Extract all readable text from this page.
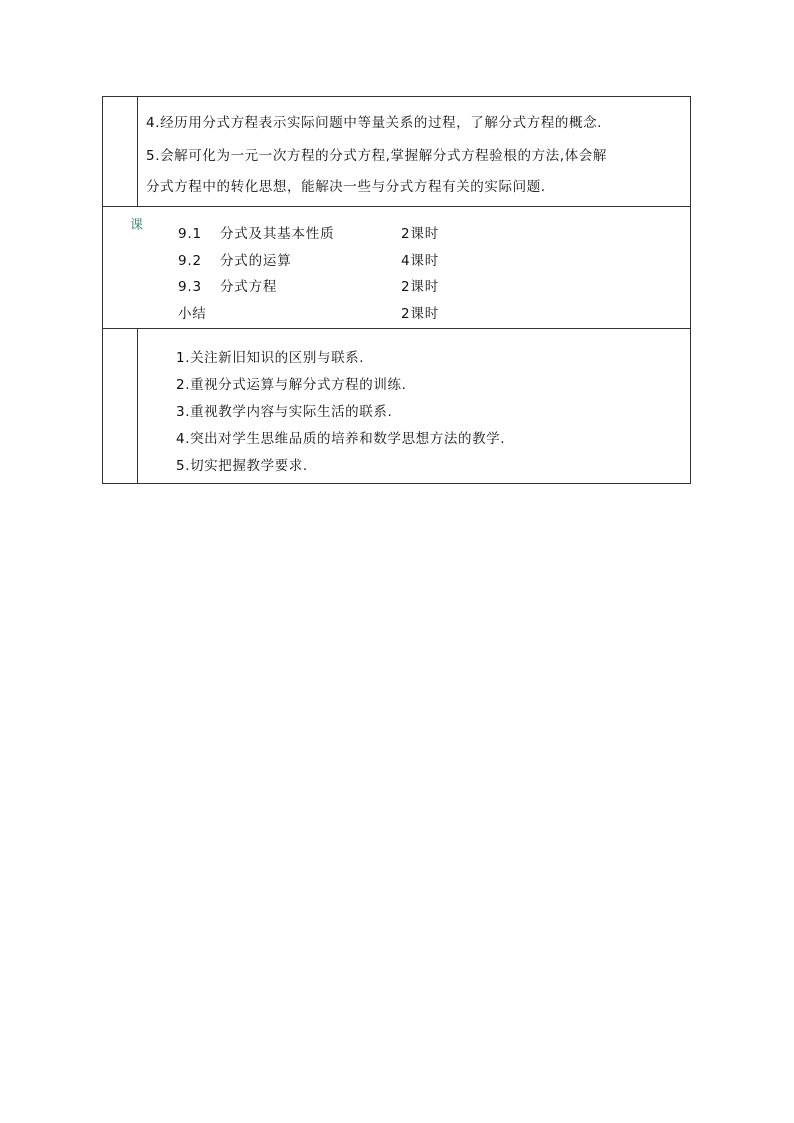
4.经历用分式方程表示实际问题中等量关系的过程，了解分式方程的概念.
5.会解可化为一元一次方程的分式方程,掌握解分式方程验根的方法,体会解
分式方程中的转化思想，能解决一些与分式方程有关的实际问题.
课
9.1 分式及其基本性质	2课时
9.2 分式的运算	4课时
9.3 分式方程	2课时
小结	2课时
1.关注新旧知识的区别与联系.
2.重视分式运算与解分式方程的训练.
3.重视教学内容与实际生活的联系.
4.突出对学生思维品质的培养和数学思想方法的教学.
5.切实把握教学要求.
